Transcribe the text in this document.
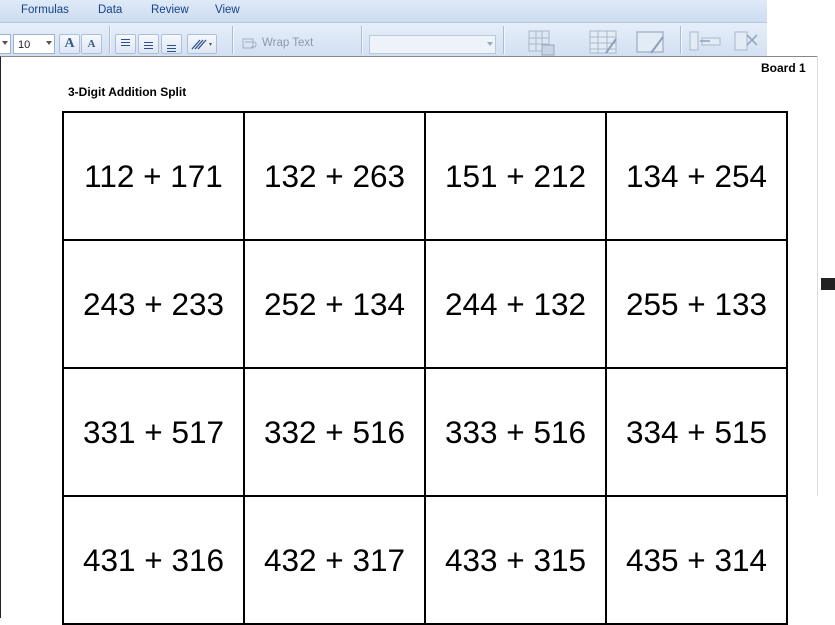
Formulas	Data Review View
10	A	A	Wrap Text
Board 1
3-Digit Addition Split
112 + 171	132 + 263	151 + 212	134 + 254
243 + 233	252 + 134	244 + 132	255 + 133
331 + 517	332 + 516	333 + 516	334 + 515
431 + 316	432 + 317	433 + 315	435 + 314
